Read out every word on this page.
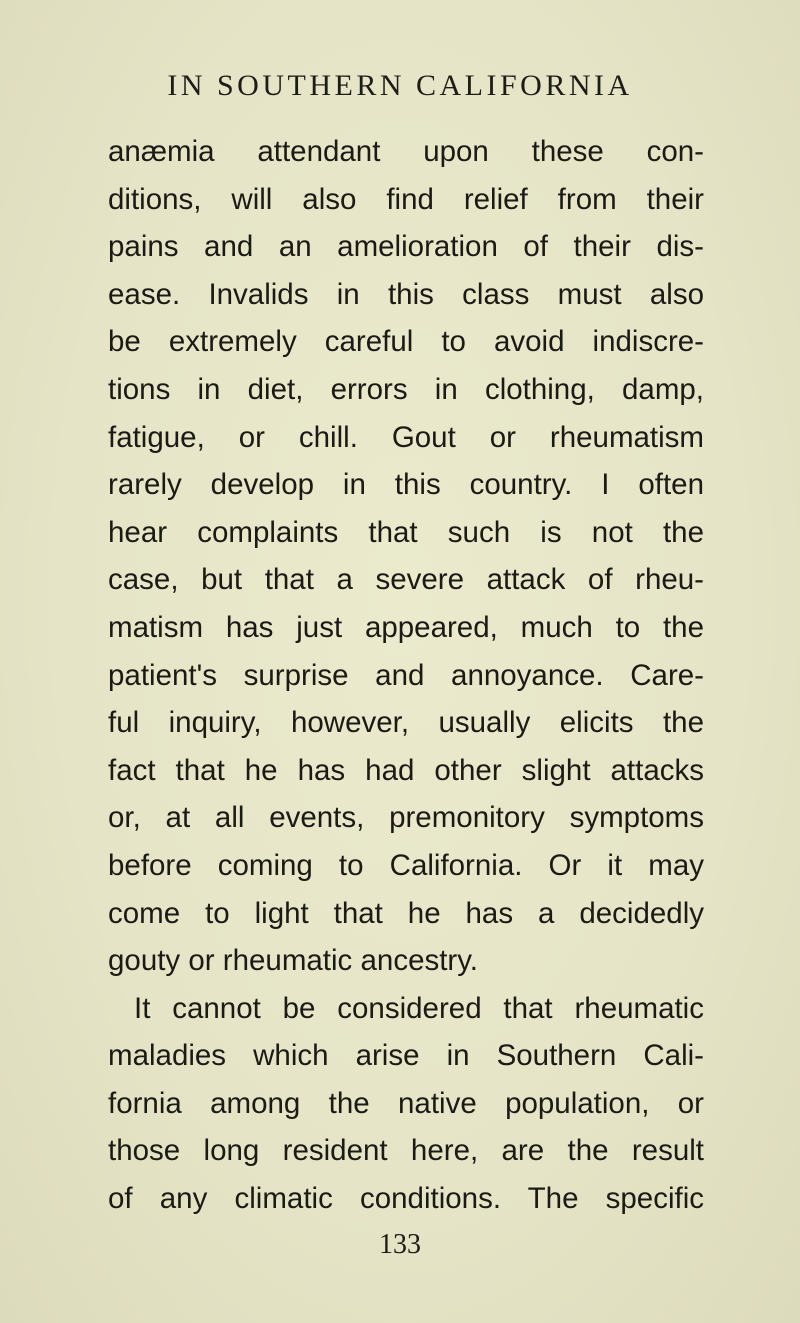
IN SOUTHERN CALIFORNIA
anæmia attendant upon these con-
ditions, will also find relief from their
pains and an amelioration of their dis-
ease. Invalids in this class must also
be extremely careful to avoid indiscre-
tions in diet, errors in clothing, damp,
fatigue, or chill. Gout or rheumatism
rarely develop in this country. I often
hear complaints that such is not the
case, but that a severe attack of rheu-
matism has just appeared, much to the
patient's surprise and annoyance. Care-
ful inquiry, however, usually elicits the
fact that he has had other slight attacks
or, at all events, premonitory symptoms
before coming to California. Or it may
come to light that he has a decidedly
gouty or rheumatic ancestry.
It cannot be considered that rheumatic
maladies which arise in Southern Cali-
fornia among the native population, or
those long resident here, are the result
of any climatic conditions. The specific
133
